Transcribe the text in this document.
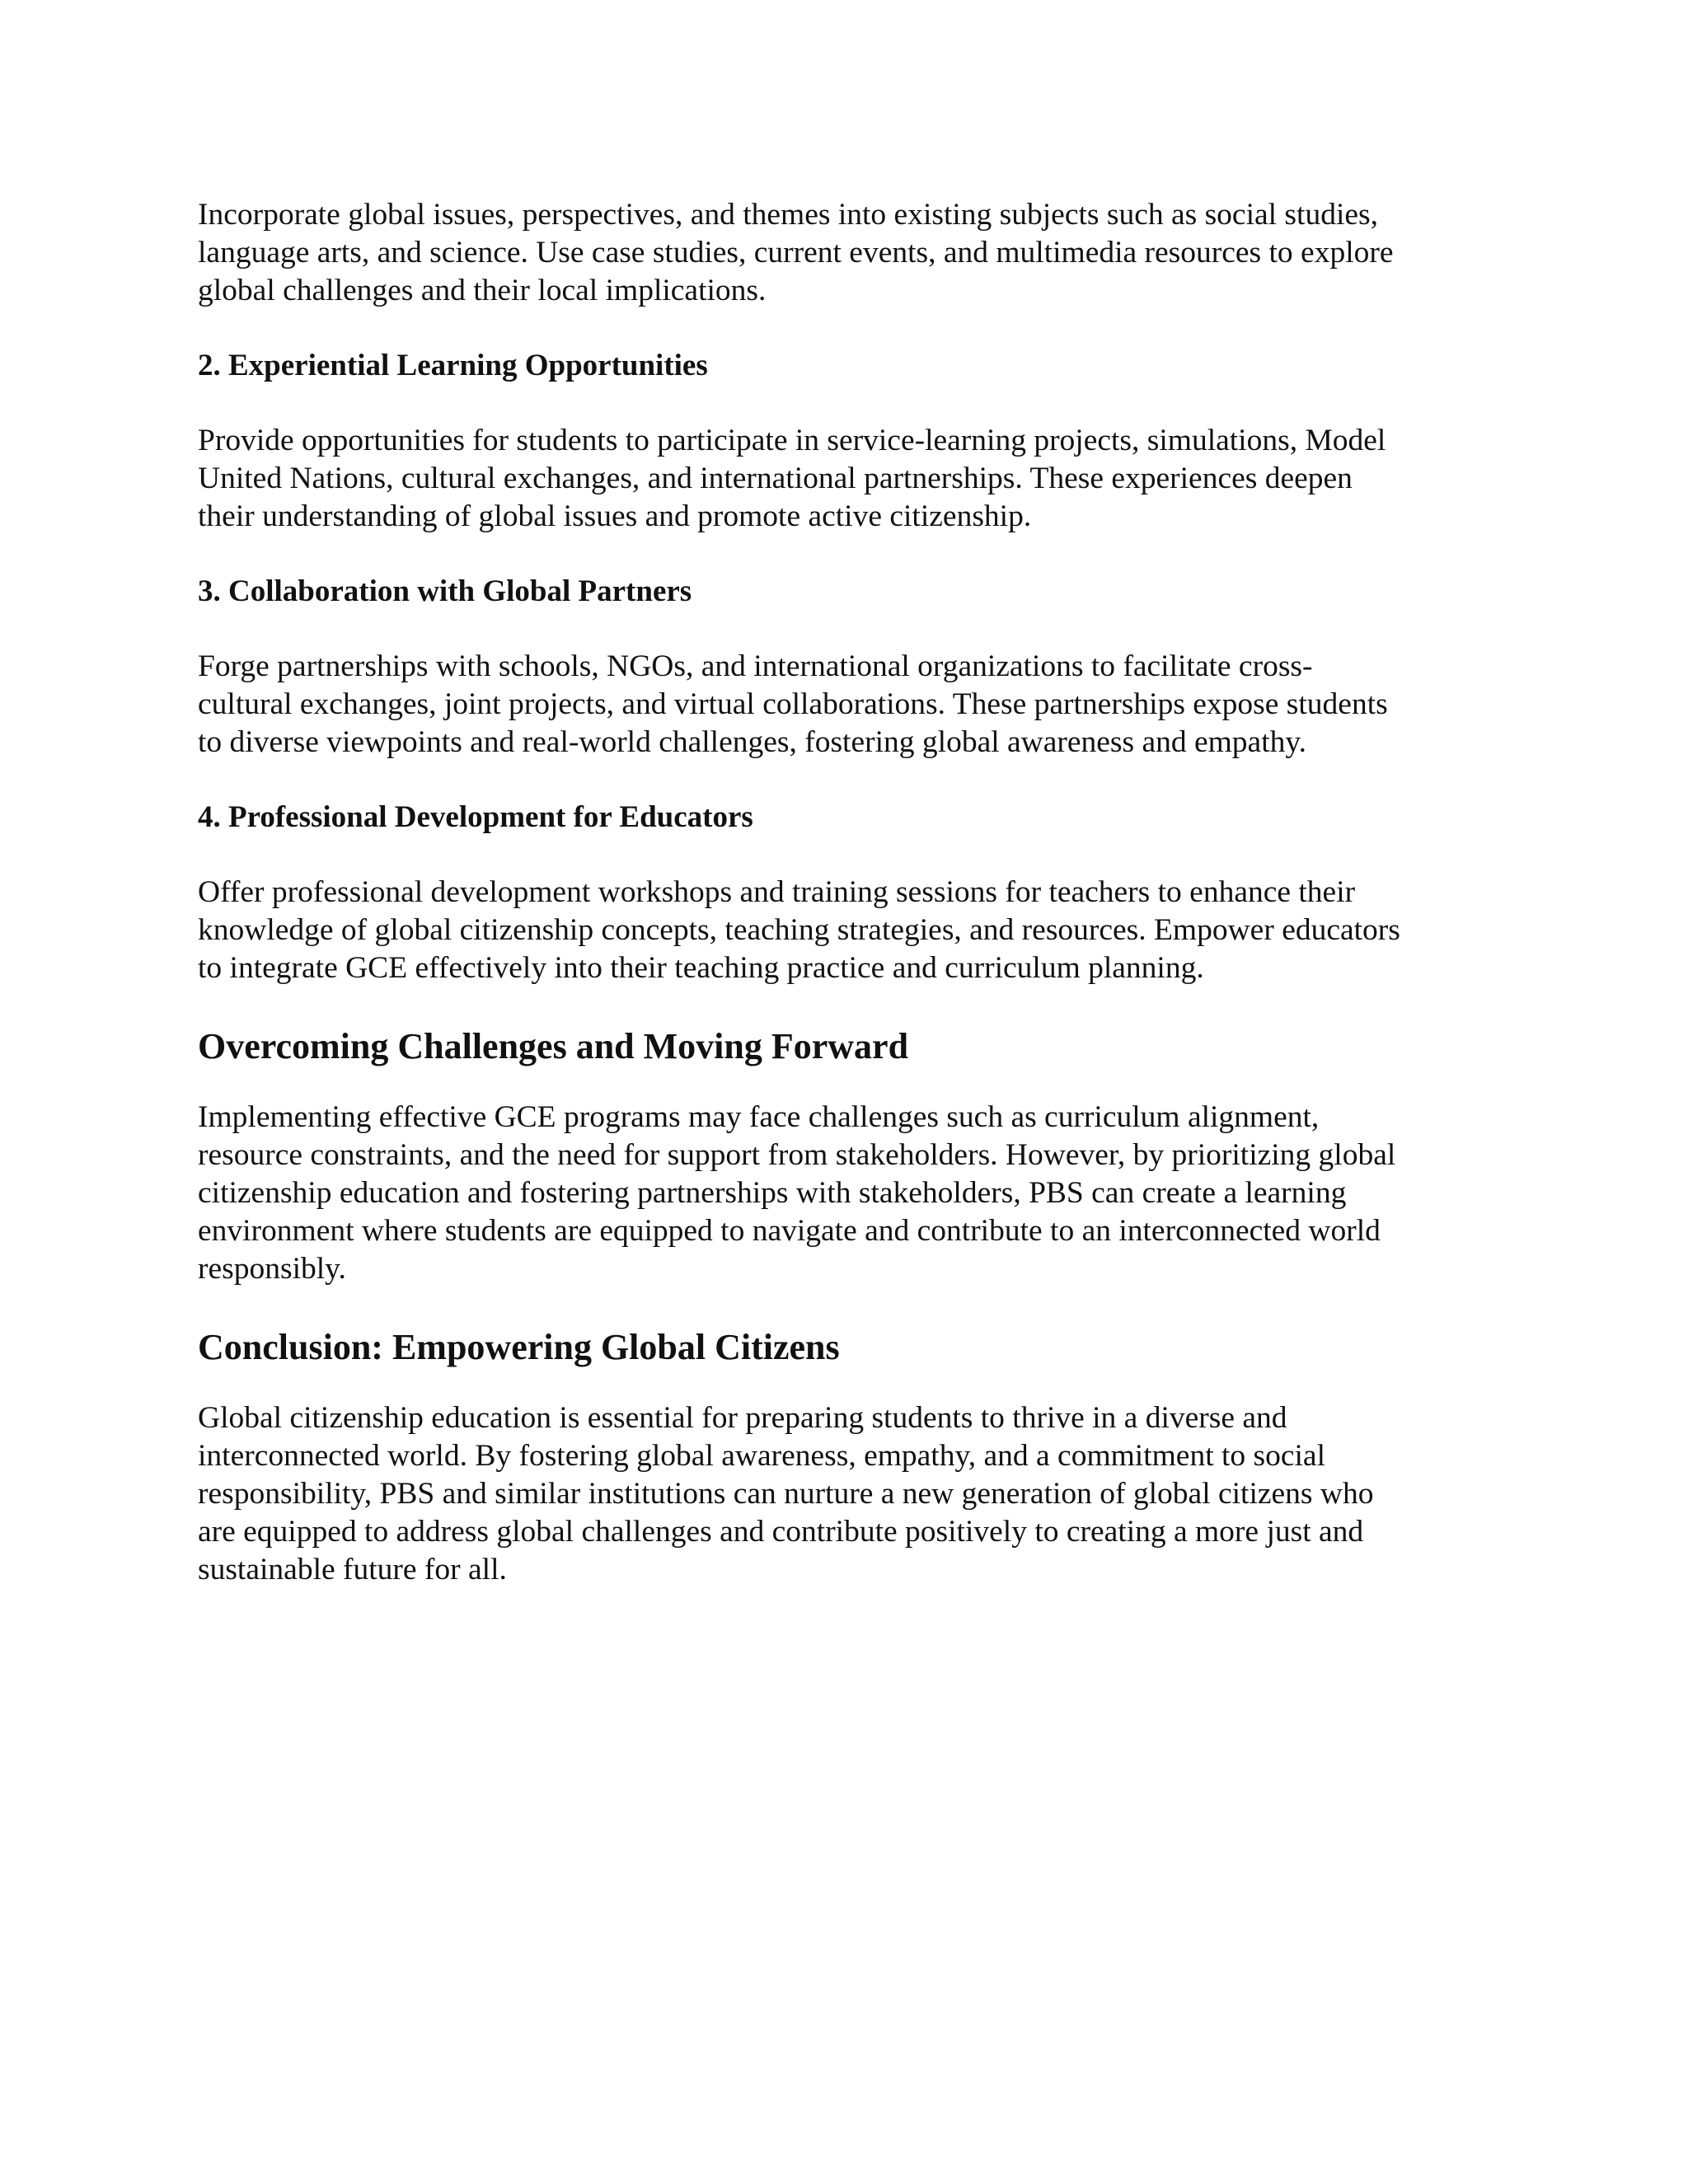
Incorporate global issues, perspectives, and themes into existing subjects such as social studies,
language arts, and science. Use case studies, current events, and multimedia resources to explore
global challenges and their local implications.

2. Experiential Learning Opportunities

Provide opportunities for students to participate in service-learning projects, simulations, Model
United Nations, cultural exchanges, and international partnerships. These experiences deepen
their understanding of global issues and promote active citizenship.

3. Collaboration with Global Partners

Forge partnerships with schools, NGOs, and international organizations to facilitate cross-
cultural exchanges, joint projects, and virtual collaborations. These partnerships expose students
to diverse viewpoints and real-world challenges, fostering global awareness and empathy.

4. Professional Development for Educators

Offer professional development workshops and training sessions for teachers to enhance their
knowledge of global citizenship concepts, teaching strategies, and resources. Empower educators
to integrate GCE effectively into their teaching practice and curriculum planning.

Overcoming Challenges and Moving Forward

Implementing effective GCE programs may face challenges such as curriculum alignment,
resource constraints, and the need for support from stakeholders. However, by prioritizing global
citizenship education and fostering partnerships with stakeholders, PBS can create a learning
environment where students are equipped to navigate and contribute to an interconnected world
responsibly.

Conclusion: Empowering Global Citizens

Global citizenship education is essential for preparing students to thrive in a diverse and
interconnected world. By fostering global awareness, empathy, and a commitment to social
responsibility, PBS and similar institutions can nurture a new generation of global citizens who
are equipped to address global challenges and contribute positively to creating a more just and
sustainable future for all.
